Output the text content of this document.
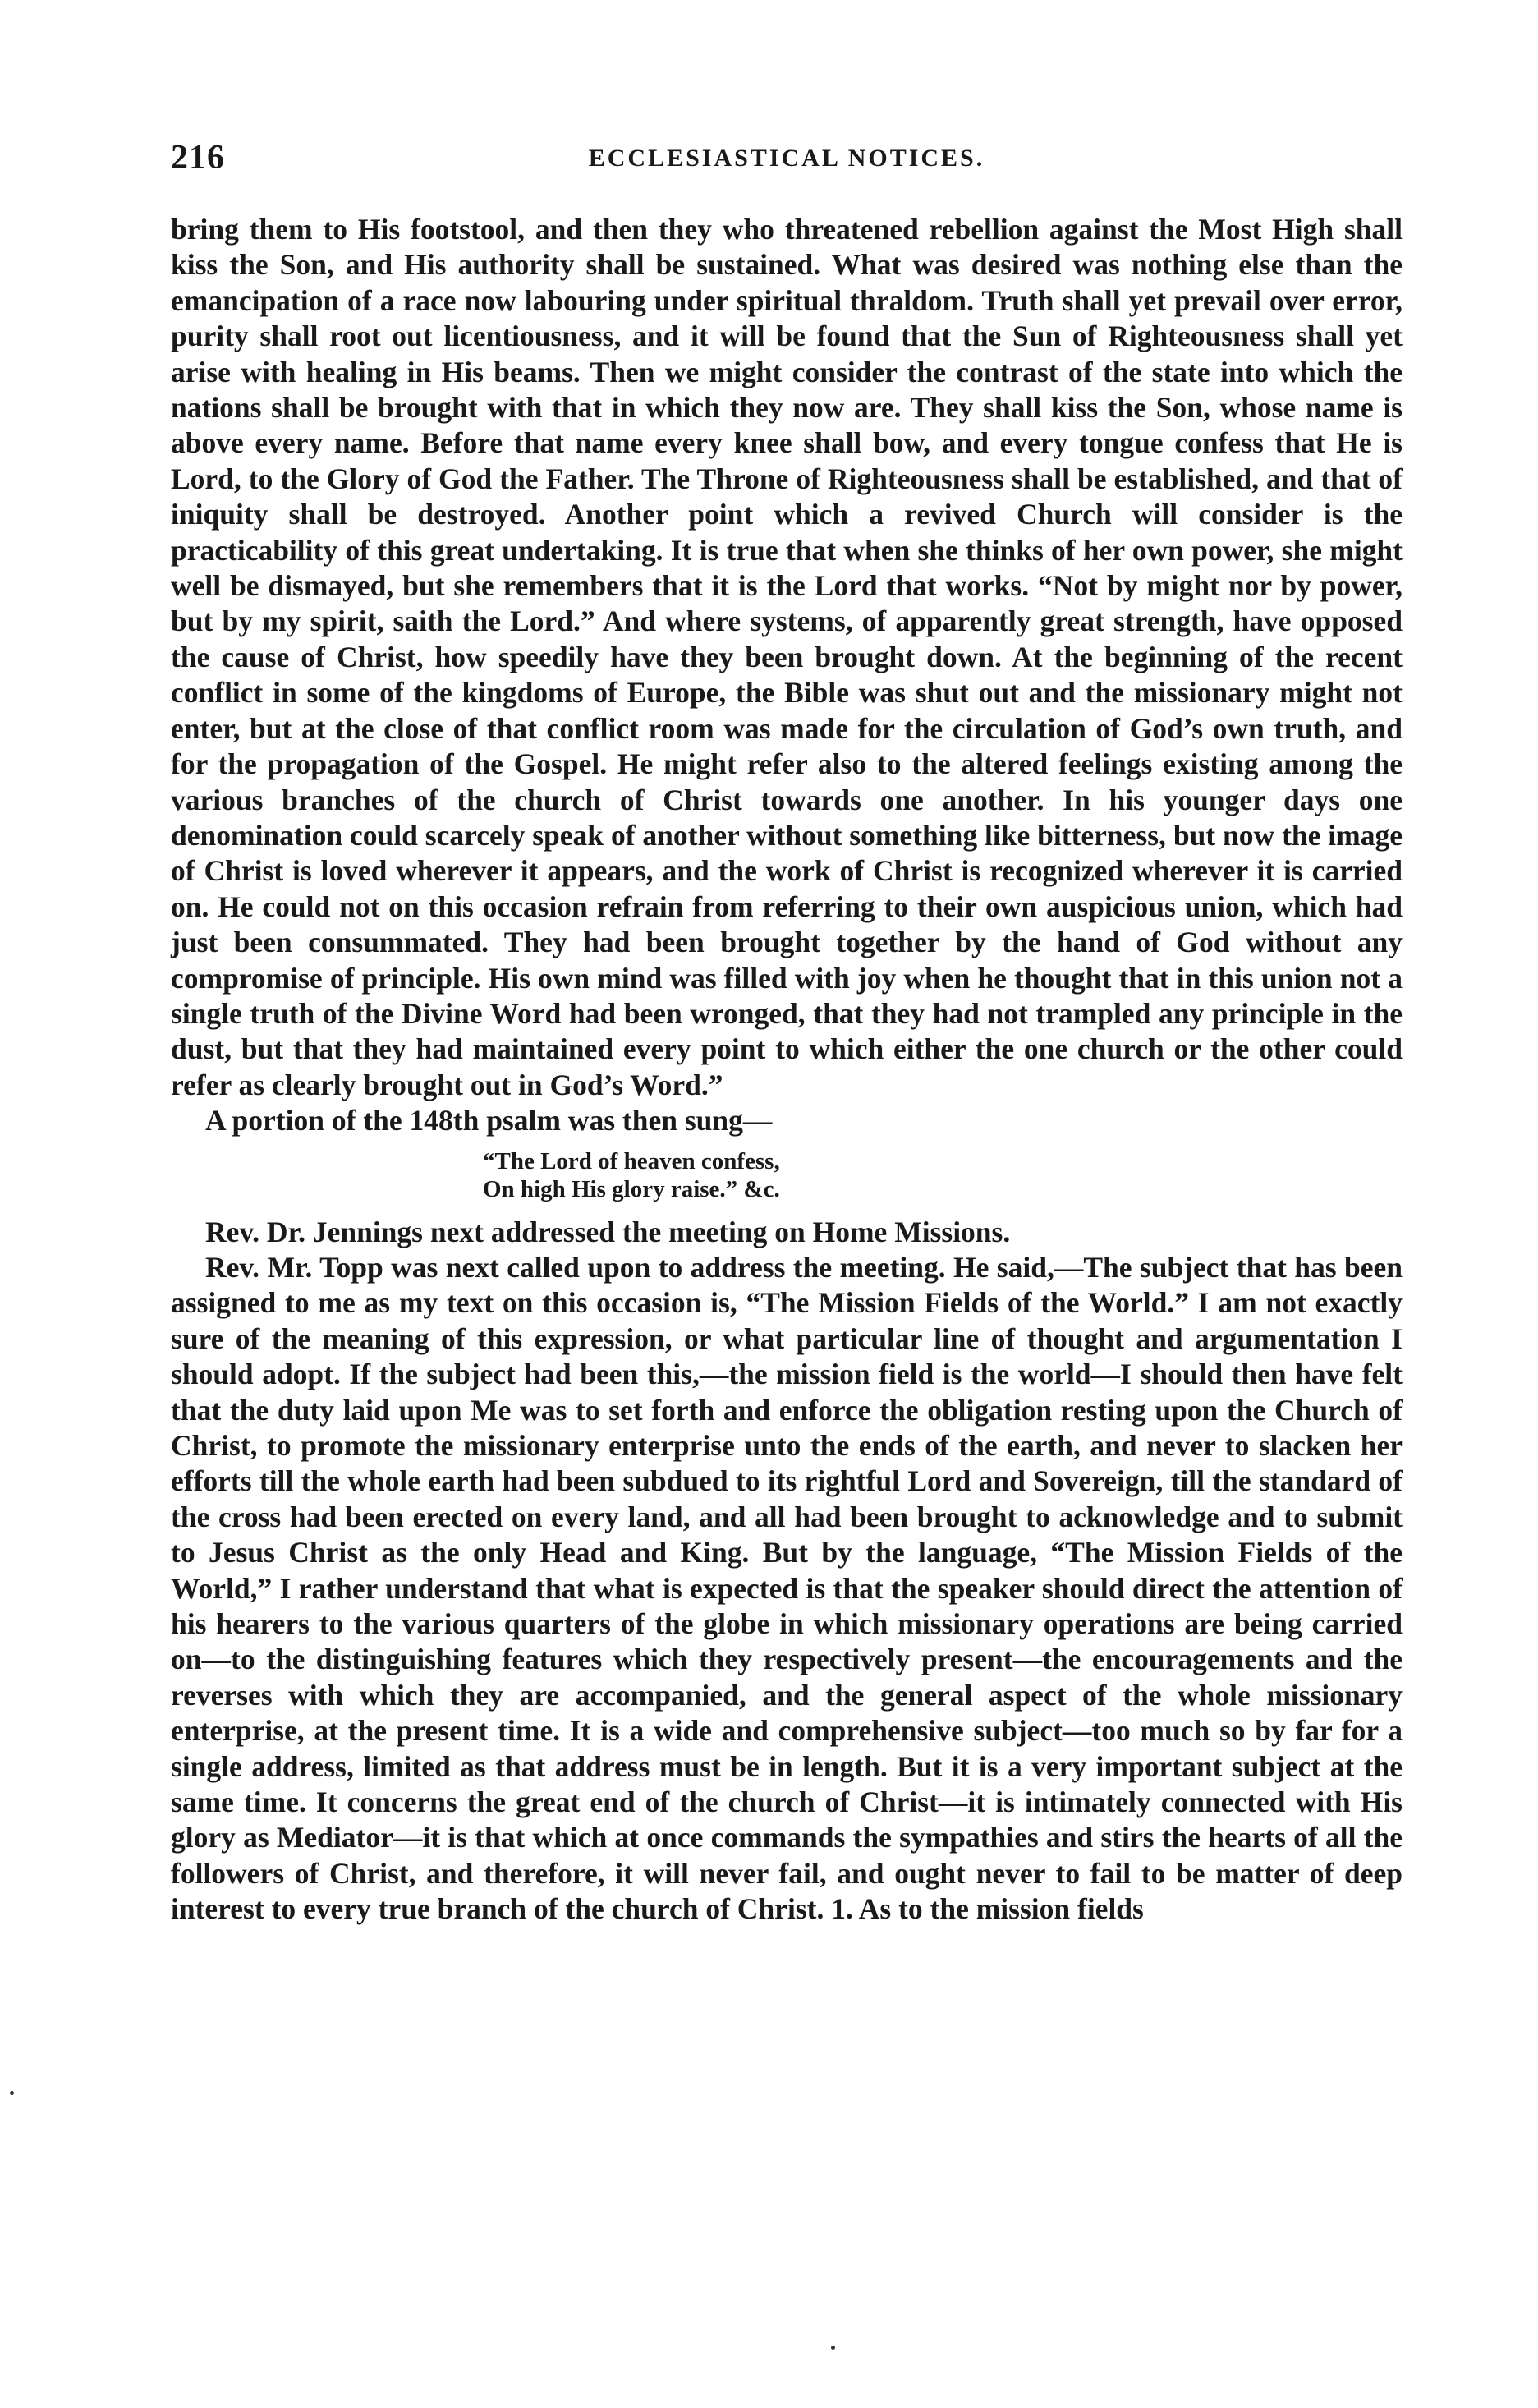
216	ECCLESIASTICAL NOTICES.

bring them to His footstool, and then they who threatened rebellion against the Most High shall kiss the Son, and His authority shall be sustained. What was desired was nothing else than the emancipation of a race now labouring under spiritual thraldom. Truth shall yet prevail over error, purity shall root out licentiousness, and it will be found that the Sun of Righteousness shall yet arise with healing in His beams. Then we might consider the contrast of the state into which the nations shall be brought with that in which they now are. They shall kiss the Son, whose name is above every name. Before that name every knee shall bow, and every tongue confess that He is Lord, to the Glory of God the Father. The Throne of Righteousness shall be established, and that of iniquity shall be destroyed. Another point which a revived Church will consider is the practicability of this great undertaking. It is true that when she thinks of her own power, she might well be dismayed, but she remembers that it is the Lord that works. “Not by might nor by power, but by my spirit, saith the Lord.” And where systems, of apparently great strength, have opposed the cause of Christ, how speedily have they been brought down. At the beginning of the recent conflict in some of the kingdoms of Europe, the Bible was shut out and the missionary might not enter, but at the close of that conflict room was made for the circulation of God’s own truth, and for the propagation of the Gospel. He might refer also to the altered feelings existing among the various branches of the church of Christ towards one another. In his younger days one denomination could scarcely speak of another without something like bitterness, but now the image of Christ is loved wherever it appears, and the work of Christ is recognized wherever it is carried on. He could not on this occasion refrain from referring to their own auspicious union, which had just been consummated. They had been brought together by the hand of God without any compromise of principle. His own mind was filled with joy when he thought that in this union not a single truth of the Divine Word had been wronged, that they had not trampled any principle in the dust, but that they had maintained every point to which either the one church or the other could refer as clearly brought out in God’s Word.”

A portion of the 148th psalm was then sung—

“The Lord of heaven confess,
On high His glory raise.” &c.

Rev. Dr. Jennings next addressed the meeting on Home Missions.

Rev. Mr. Topp was next called upon to address the meeting. He said,—The subject that has been assigned to me as my text on this occasion is, “The Mission Fields of the World.” I am not exactly sure of the meaning of this expression, or what particular line of thought and argumentation I should adopt. If the subject had been this,—the mission field is the world—I should then have felt that the duty laid upon Me was to set forth and enforce the obligation resting upon the Church of Christ, to promote the missionary enterprise unto the ends of the earth, and never to slacken her efforts till the whole earth had been subdued to its rightful Lord and Sovereign, till the standard of the cross had been erected on every land, and all had been brought to acknowledge and to submit to Jesus Christ as the only Head and King. But by the language, “The Mission Fields of the World,” I rather understand that what is expected is that the speaker should direct the attention of his hearers to the various quarters of the globe in which missionary operations are being carried on—to the distinguishing features which they respectively present—the encouragements and the reverses with which they are accompanied, and the general aspect of the whole missionary enterprise, at the present time. It is a wide and comprehensive subject—too much so by far for a single address, limited as that address must be in length. But it is a very important subject at the same time. It concerns the great end of the church of Christ—it is intimately connected with His glory as Mediator—it is that which at once commands the sympathies and stirs the hearts of all the followers of Christ, and therefore, it will never fail, and ought never to fail to be matter of deep interest to every true branch of the church of Christ. 1. As to the mission fields
